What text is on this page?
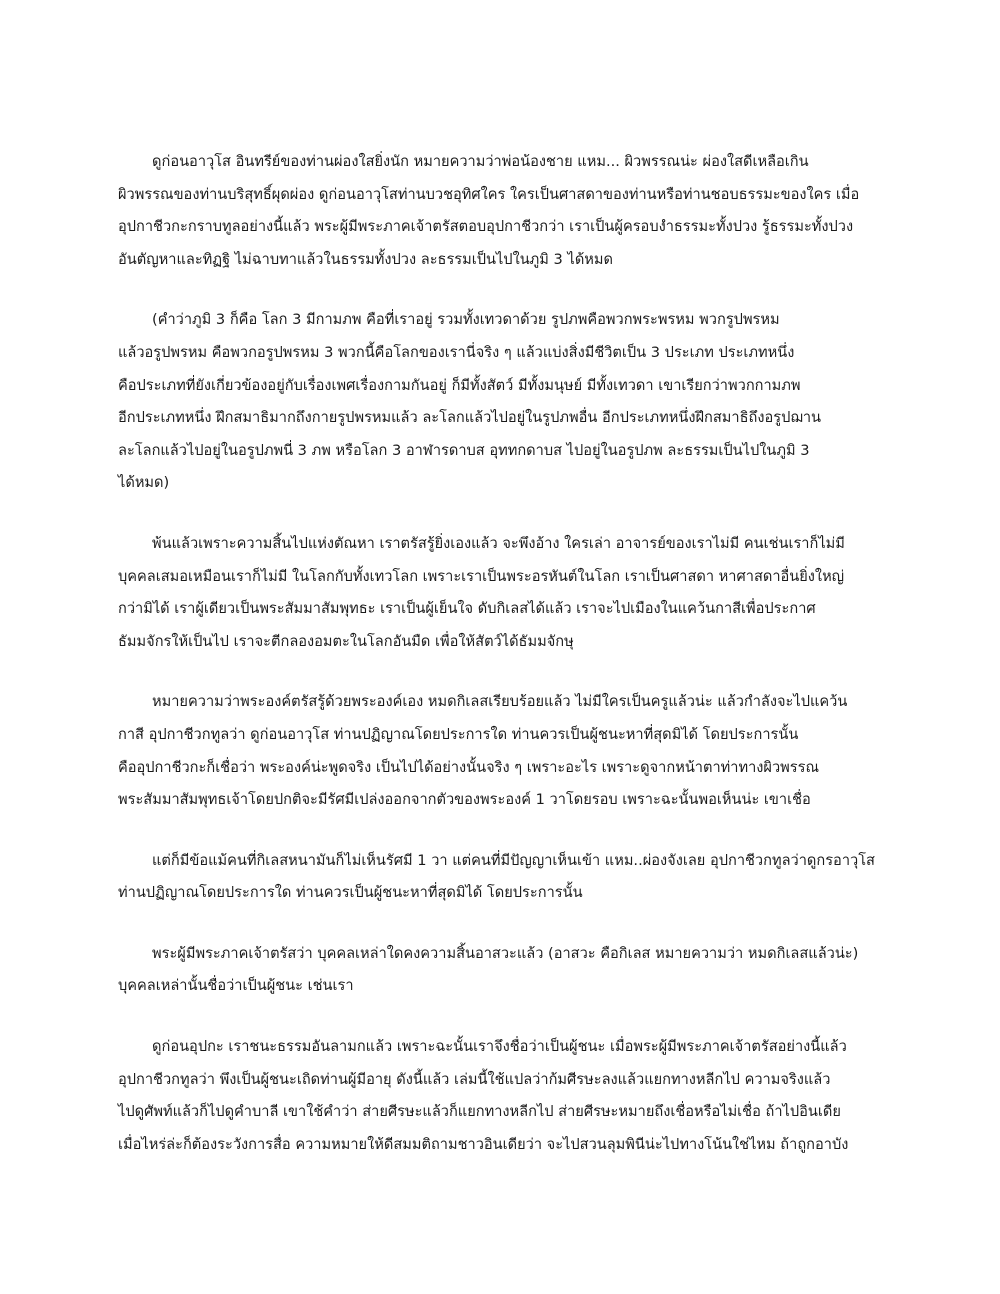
ดูก่อนอาวุโส อินทรีย์ของท่านผ่องใสยิ่งนัก หมายความว่าพ่อน้องชาย แหม... ผิวพรรณน่ะ ผ่องใสดีเหลือเกิน
ผิวพรรณของท่านบริสุทธิ์ผุดผ่อง ดูก่อนอาวุโสท่านบวชอุทิศใคร ใครเป็นศาสดาของท่านหรือท่านชอบธรรมะของใคร เมื่อ
อุปกาชีวกะกราบทูลอย่างนี้แล้ว พระผู้มีพระภาคเจ้าตรัสตอบอุปกาชีวกว่า เราเป็นผู้ครอบงำธรรมะทั้งปวง รู้ธรรมะทั้งปวง
อันตัญหาและทิฏฐิ ไม่ฉาบทาแล้วในธรรมทั้งปวง ละธรรมเป็นไปในภูมิ 3 ได้หมด
(คำว่าภูมิ 3 ก็คือ โลก 3 มีกามภพ คือที่เราอยู่ รวมทั้งเทวดาด้วย รูปภพคือพวกพระพรหม พวกรูปพรหม
แล้วอรูปพรหม คือพวกอรูปพรหม 3 พวกนี้คือโลกของเรานี่จริง ๆ แล้วแบ่งสิ่งมีชีวิตเป็น 3 ประเภท ประเภทหนึ่ง
คือประเภทที่ยังเกี่ยวข้องอยู่กับเรื่องเพศเรื่องกามกันอยู่ ก็มีทั้งสัตว์ มีทั้งมนุษย์ มีทั้งเทวดา เขาเรียกว่าพวกกามภพ
อีกประเภทหนึ่ง ฝึกสมาธิมากถึงกายรูปพรหมแล้ว ละโลกแล้วไปอยู่ในรูปภพอื่น อีกประเภทหนึ่งฝึกสมาธิถึงอรูปฌาน
ละโลกแล้วไปอยู่ในอรูปภพนี่ 3 ภพ หรือโลก 3 อาฬารดาบส อุททกดาบส ไปอยู่ในอรูปภพ ละธรรมเป็นไปในภูมิ 3
ได้หมด)
พ้นแล้วเพราะความสิ้นไปแห่งตัณหา เราตรัสรู้ยิ่งเองแล้ว จะพึงอ้าง ใครเล่า อาจารย์ของเราไม่มี คนเช่นเราก็ไม่มี
บุคคลเสมอเหมือนเราก็ไม่มี ในโลกกับทั้งเทวโลก เพราะเราเป็นพระอรหันต์ในโลก เราเป็นศาสดา หาศาสดาอื่นยิ่งใหญ่
กว่ามิได้ เราผู้เดียวเป็นพระสัมมาสัมพุทธะ เราเป็นผู้เย็นใจ ดับกิเลสได้แล้ว เราจะไปเมืองในแคว้นกาสีเพื่อประกาศ
ธัมมจักรให้เป็นไป เราจะตีกลองอมตะในโลกอันมืด เพื่อให้สัตว์ได้ธัมมจักษุ
หมายความว่าพระองค์ตรัสรู้ด้วยพระองค์เอง หมดกิเลสเรียบร้อยแล้ว ไม่มีใครเป็นครูแล้วน่ะ แล้วกำลังจะไปแคว้น
กาสี อุปกาชีวกทูลว่า ดูก่อนอาวุโส ท่านปฏิญาณโดยประการใด ท่านควรเป็นผู้ชนะหาที่สุดมิได้ โดยประการนั้น
คืออุปกาชีวกะก็เชื่อว่า พระองค์น่ะพูดจริง เป็นไปได้อย่างนั้นจริง ๆ เพราะอะไร เพราะดูจากหน้าตาท่าทางผิวพรรณ
พระสัมมาสัมพุทธเจ้าโดยปกติจะมีรัศมีเปล่งออกจากตัวของพระองค์ 1 วาโดยรอบ เพราะฉะนั้นพอเห็นน่ะ เขาเชื่อ
แต่ก็มีข้อแม้คนที่กิเลสหนามันก็ไม่เห็นรัศมี 1 วา แต่คนที่มีปัญญาเห็นเข้า แหม..ผ่องจังเลย อุปกาชีวกทูลว่าดูกรอาวุโส
ท่านปฏิญาณโดยประการใด ท่านควรเป็นผู้ชนะหาที่สุดมิได้ โดยประการนั้น
พระผู้มีพระภาคเจ้าตรัสว่า บุคคลเหล่าใดคงความสิ้นอาสวะแล้ว (อาสวะ คือกิเลส หมายความว่า หมดกิเลสแล้วน่ะ)
บุคคลเหล่านั้นชื่อว่าเป็นผู้ชนะ เช่นเรา
ดูก่อนอุปกะ เราชนะธรรมอันลามกแล้ว เพราะฉะนั้นเราจึงชื่อว่าเป็นผู้ชนะ เมื่อพระผู้มีพระภาคเจ้าตรัสอย่างนี้แล้ว
อุปกาชีวกทูลว่า พึงเป็นผู้ชนะเถิดท่านผู้มีอายุ ดังนี้แล้ว เล่มนี้ใช้แปลว่าก้มศีรษะลงแล้วแยกทางหลีกไป ความจริงแล้ว
ไปดูศัพท์แล้วก็ไปดูคำบาลี เขาใช้คำว่า ส่ายศีรษะแล้วก็แยกทางหลีกไป ส่ายศีรษะหมายถึงเชื่อหรือไม่เชื่อ ถ้าไปอินเดีย
เมื่อไหร่ล่ะก็ต้องระวังการสื่อ ความหมายให้ดีสมมติถามชาวอินเดียว่า จะไปสวนลุมพินีน่ะไปทางโน้นใช่ไหม ถ้าถูกอาบัง
